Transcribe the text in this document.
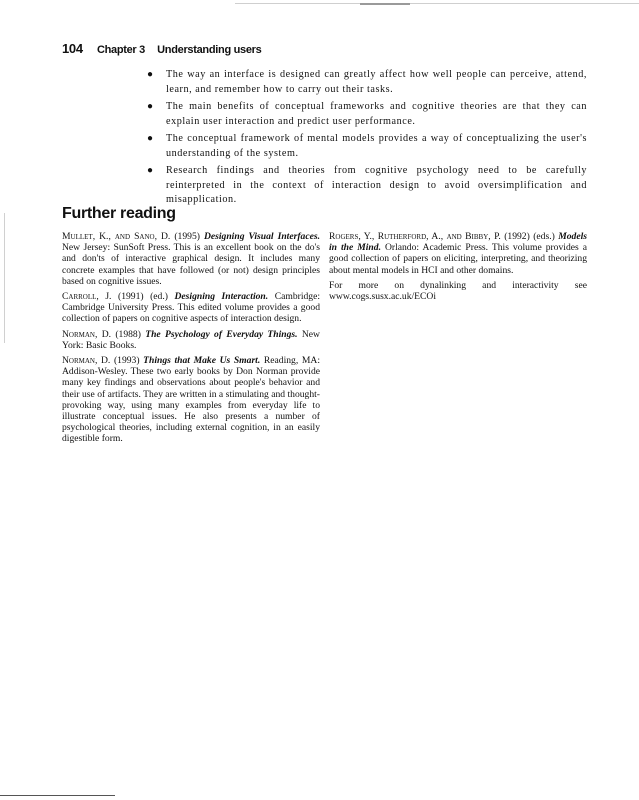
104 Chapter 3 Understanding users
● The way an interface is designed can greatly affect how well people can perceive, attend, learn, and remember how to carry out their tasks.
● The main benefits of conceptual frameworks and cognitive theories are that they can explain user interaction and predict user performance.
● The conceptual framework of mental models provides a way of conceptualizing the user's understanding of the system.
● Research findings and theories from cognitive psychology need to be carefully reinterpreted in the context of interaction design to avoid oversimplification and misapplication.
Further reading

Mullet, K., and Sano, D. (1995) Designing Visual Interfaces. New Jersey: SunSoft Press. This is an excellent book on the do's and don'ts of interactive graphical design. It includes many concrete examples that have followed (or not) design principles based on cognitive issues.

Carroll, J. (1991) (ed.) Designing Interaction. Cambridge: Cambridge University Press. This edited volume provides a good collection of papers on cognitive aspects of interaction design.

Norman, D. (1988) The Psychology of Everyday Things. New York: Basic Books.

Norman, D. (1993) Things that Make Us Smart. Reading, MA: Addison-Wesley. These two early books by Don Norman provide many key findings and observations about people's behavior and their use of artifacts. They are written in a stimulating and thought-provoking way, using many examples from everyday life to illustrate conceptual issues. He also presents a number of psychological theories, including external cognition, in an easily digestible form.

Rogers, Y., Rutherford, A., and Bibby, P. (1992) (eds.) Models in the Mind. Orlando: Academic Press. This volume provides a good collection of papers on eliciting, interpreting, and theorizing about mental models in HCI and other domains.

For more on dynalinking and interactivity see www.cogs.susx.ac.uk/ECOi
